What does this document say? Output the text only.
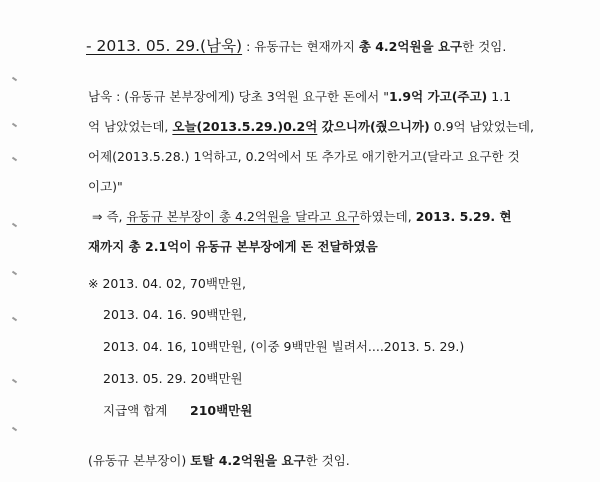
- 2013. 05. 29.(남욱) : 유동규는 현재까지 총 4.2억원을 요구한 것임.
남욱 : (유동규 본부장에게) 당초 3억원 요구한 돈에서 "1.9억 가고(주고) 1.1
억 남았었는데, 오늘(2013.5.29.)0.2억 갔으니까(줬으니까) 0.9억 남았었는데,
어제(2013.5.28.) 1억하고, 0.2억에서 또 추가로 애기한거고(달라고 요구한 것
이고)"
⇒ 즉, 유동규 본부장이 총 4.2억원을 달라고 요구하였는데, 2013. 5.29. 현
재까지 총 2.1억이 유동규 본부장에게 돈 전달하였음
※ 2013. 04. 02, 70백만원,
2013. 04. 16. 90백만원,
2013. 04. 16, 10백만원, (이중 9백만원 빌려서....2013. 5. 29.)
2013. 05. 29. 20백만원
지급액 합계 210백만원
(유동규 본부장이) 토탈 4.2억원을 요구한 것임.
